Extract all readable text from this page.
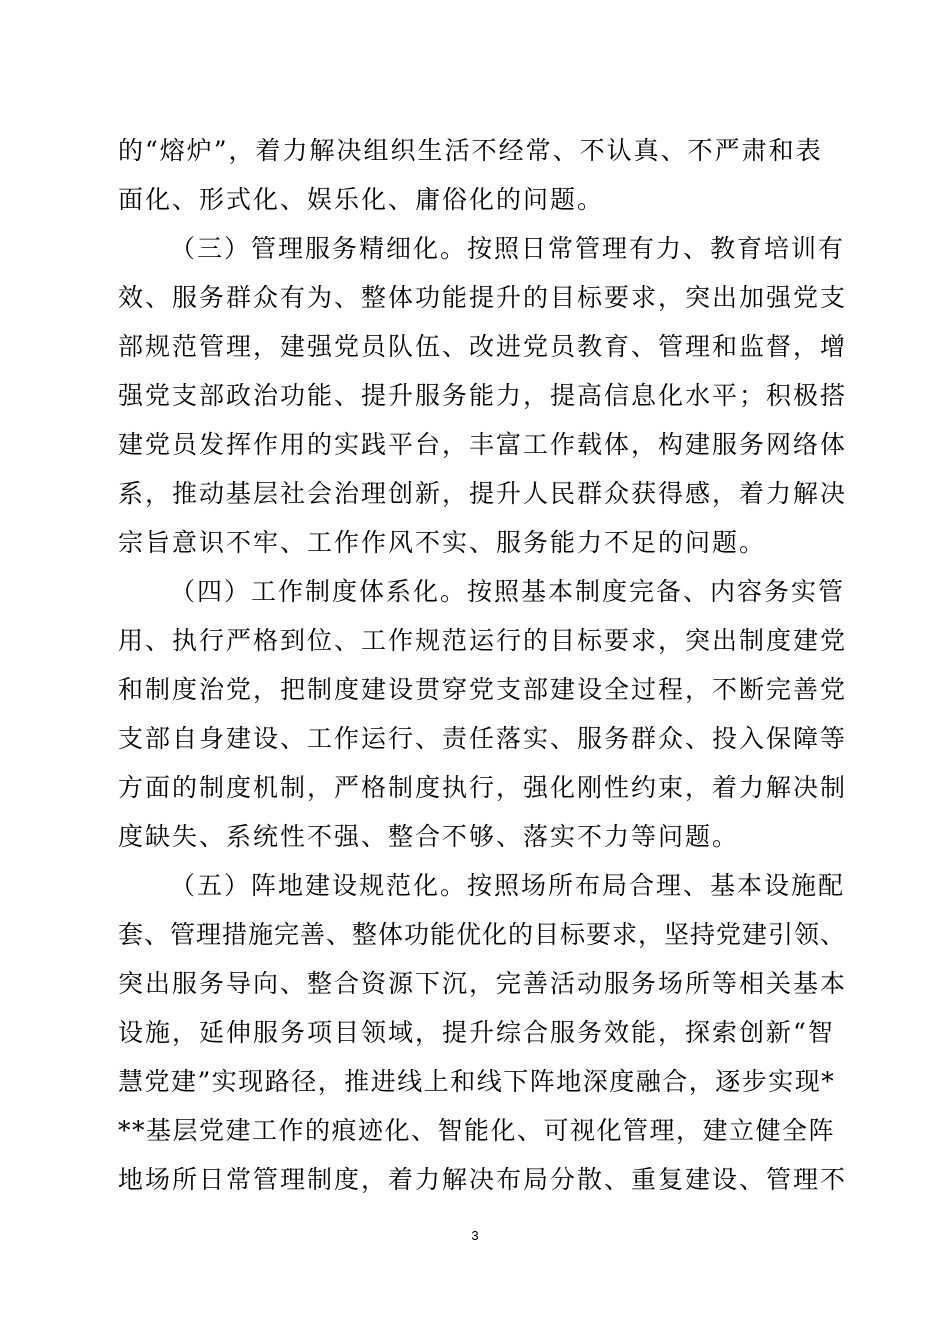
的“熔炉”，着力解决组织生活不经常、不认真、不严肃和表
面化、形式化、娱乐化、庸俗化的问题。
（三）管理服务精细化。按照日常管理有力、教育培训有
效、服务群众有为、整体功能提升的目标要求，突出加强党支
部规范管理，建强党员队伍、改进党员教育、管理和监督，增
强党支部政治功能、提升服务能力，提高信息化水平；积极搭
建党员发挥作用的实践平台，丰富工作载体，构建服务网络体
系，推动基层社会治理创新，提升人民群众获得感，着力解决
宗旨意识不牢、工作作风不实、服务能力不足的问题。
（四）工作制度体系化。按照基本制度完备、内容务实管
用、执行严格到位、工作规范运行的目标要求，突出制度建党
和制度治党，把制度建设贯穿党支部建设全过程，不断完善党
支部自身建设、工作运行、责任落实、服务群众、投入保障等
方面的制度机制，严格制度执行，强化刚性约束，着力解决制
度缺失、系统性不强、整合不够、落实不力等问题。
（五）阵地建设规范化。按照场所布局合理、基本设施配
套、管理措施完善、整体功能优化的目标要求，坚持党建引领、
突出服务导向、整合资源下沉，完善活动服务场所等相关基本
设施，延伸服务项目领域，提升综合服务效能，探索创新“智
慧党建”实现路径，推进线上和线下阵地深度融合，逐步实现*
**基层党建工作的痕迹化、智能化、可视化管理，建立健全阵
地场所日常管理制度，着力解决布局分散、重复建设、管理不
3
